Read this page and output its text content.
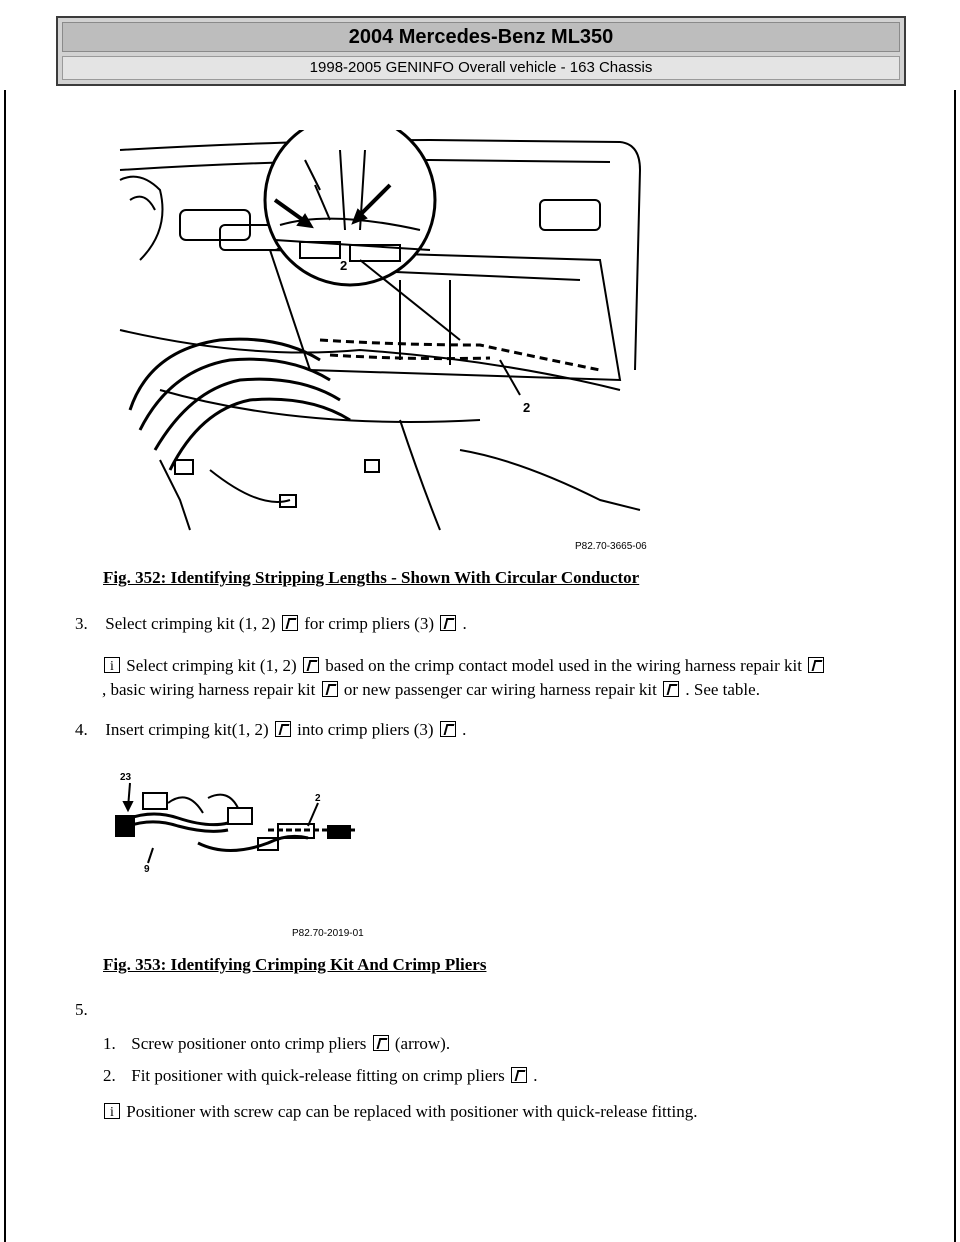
2004 Mercedes-Benz ML350
1998-2005 GENINFO Overall vehicle - 163 Chassis
2
2
P82.70-3665-06
Fig. 352: Identifying Stripping Lengths - Shown With Circular Conductor
3. Select crimping kit (1, 2) for crimp pliers (3) .
i Select crimping kit (1, 2) based on the crimp contact model used in the wiring harness repair kit
, basic wiring harness repair kit or new passenger car wiring harness repair kit . See table.
4. Insert crimping kit(1, 2) into crimp pliers (3) .
23
2
9
P82.70-2019-01
Fig. 353: Identifying Crimping Kit And Crimp Pliers
5.
1. Screw positioner onto crimp pliers (arrow).
2. Fit positioner with quick-release fitting on crimp pliers .
i Positioner with screw cap can be replaced with positioner with quick-release fitting.
